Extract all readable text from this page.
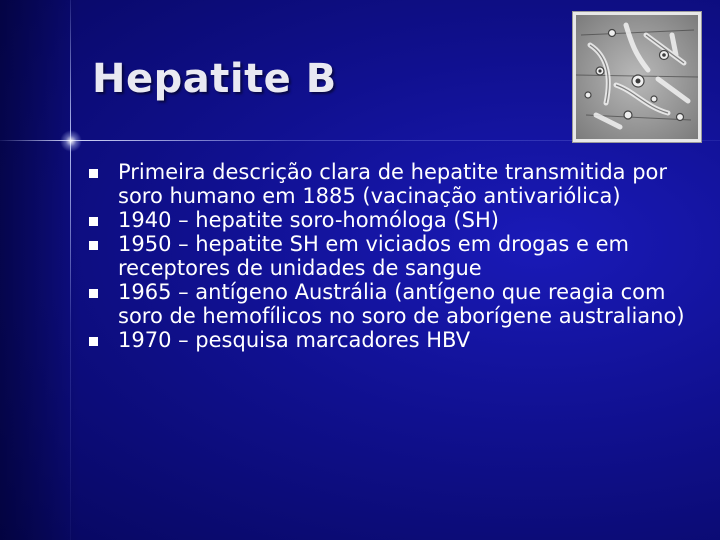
Hepatite B
Primeira descrição clara de hepatite transmitida por soro humano em 1885 (vacinação antivariólica)
1940 – hepatite soro-homóloga (SH)
1950 – hepatite SH em viciados em drogas e em receptores de unidades de sangue
1965 – antígeno Austrália (antígeno que reagia com soro de hemofílicos no soro de aborígene australiano)
1970 – pesquisa marcadores HBV
